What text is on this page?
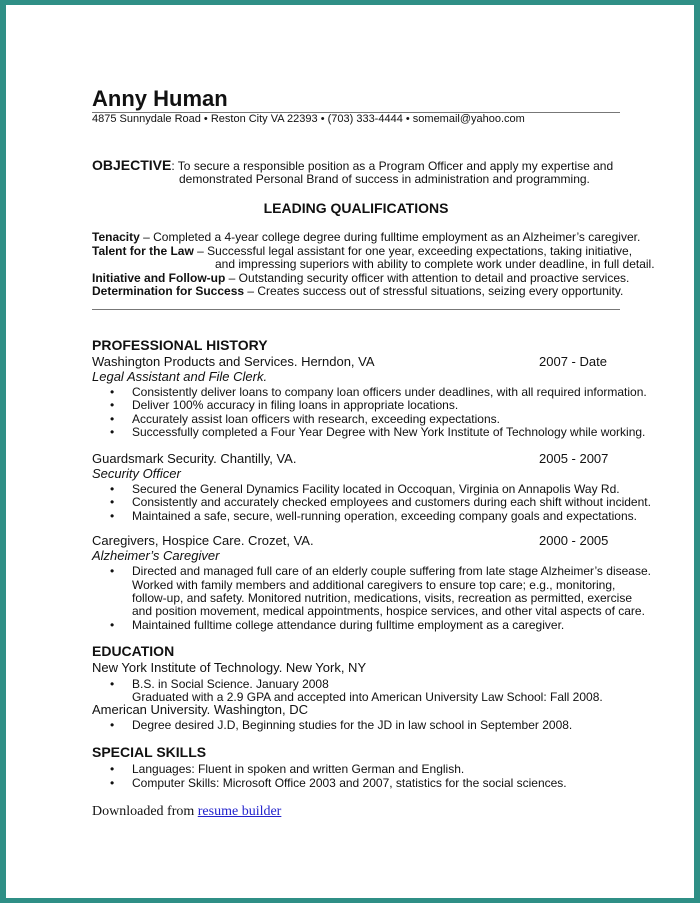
Anny Human
4875 Sunnydale Road • Reston City VA 22393 • (703) 333-4444 • somemail@yahoo.com
OBJECTIVE: To secure a responsible position as a Program Officer and apply my expertise and
demonstrated Personal Brand of success in administration and programming.
LEADING QUALIFICATIONS
Tenacity – Completed a 4-year college degree during fulltime employment as an Alzheimer’s caregiver.
Talent for the Law – Successful legal assistant for one year, exceeding expectations, taking initiative,
and impressing superiors with ability to complete work under deadline, in full detail.
Initiative and Follow-up – Outstanding security officer with attention to detail and proactive services.
Determination for Success – Creates success out of stressful situations, seizing every opportunity.
PROFESSIONAL HISTORY
Washington Products and Services. Herndon, VA	2007 - Date
Legal Assistant and File Clerk.
• Consistently deliver loans to company loan officers under deadlines, with all required information.
• Deliver 100% accuracy in filing loans in appropriate locations.
• Accurately assist loan officers with research, exceeding expectations.
• Successfully completed a Four Year Degree with New York Institute of Technology while working.
Guardsmark Security. Chantilly, VA.	2005 - 2007
Security Officer
• Secured the General Dynamics Facility located in Occoquan, Virginia on Annapolis Way Rd.
• Consistently and accurately checked employees and customers during each shift without incident.
• Maintained a safe, secure, well-running operation, exceeding company goals and expectations.
Caregivers, Hospice Care. Crozet, VA.	2000 - 2005
Alzheimer’s Caregiver
• Directed and managed full care of an elderly couple suffering from late stage Alzheimer’s disease.
Worked with family members and additional caregivers to ensure top care; e.g., monitoring,
follow-up, and safety. Monitored nutrition, medications, visits, recreation as permitted, exercise
and position movement, medical appointments, hospice services, and other vital aspects of care.
• Maintained fulltime college attendance during fulltime employment as a caregiver.
EDUCATION
New York Institute of Technology. New York, NY
• B.S. in Social Science. January 2008
Graduated with a 2.9 GPA and accepted into American University Law School: Fall 2008.
American University. Washington, DC
• Degree desired J.D, Beginning studies for the JD in law school in September 2008.
SPECIAL SKILLS
• Languages: Fluent in spoken and written German and English.
• Computer Skills: Microsoft Office 2003 and 2007, statistics for the social sciences.
Downloaded from resume builder
